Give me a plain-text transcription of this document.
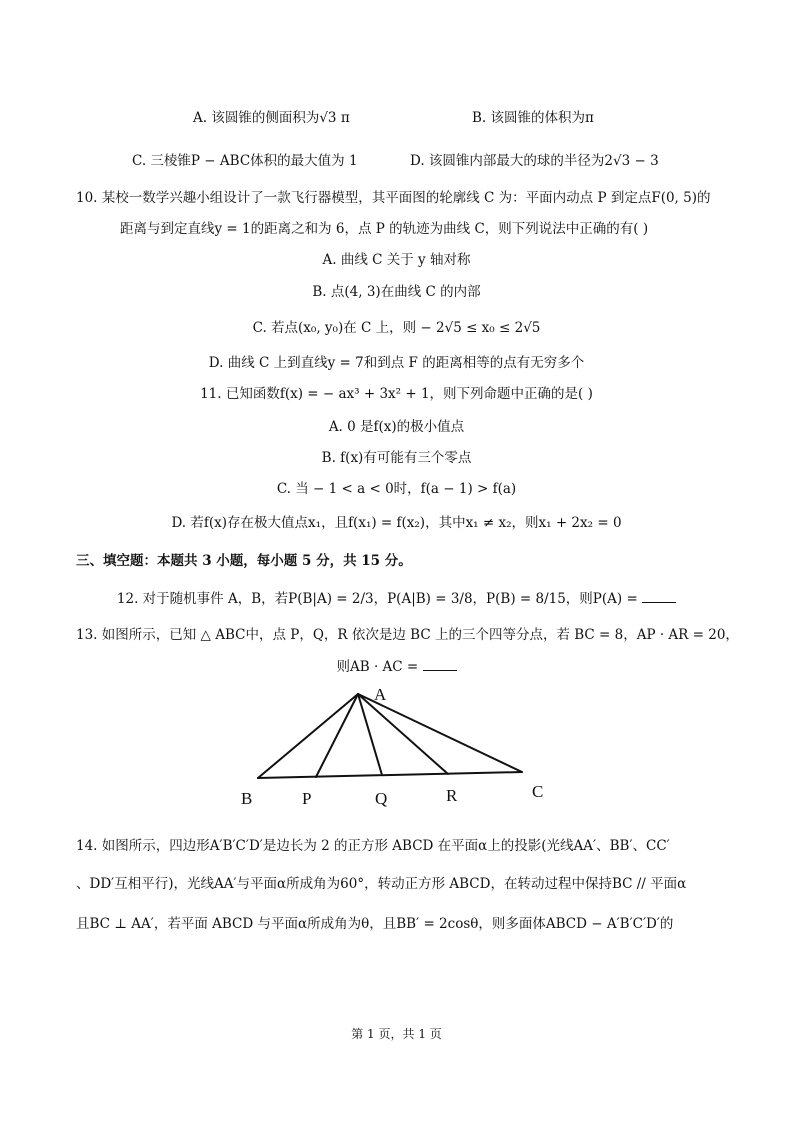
A. 该圆锥的侧面积为√3 π	B. 该圆锥的体积为π
C. 三棱锥P − ABC体积的最大值为 1	D. 该圆锥内部最大的球的半径为2√3 − 3
10. 某校一数学兴趣小组设计了一款飞行器模型，其平面图的轮廓线 C 为：平面内动点 P 到定点F(0, 5)的
距离与到定直线y = 1的距离之和为 6，点 P 的轨迹为曲线 C，则下列说法中正确的有( )
A. 曲线 C 关于 y 轴对称
B. 点(4, 3)在曲线 C 的内部
C. 若点(x₀, y₀)在 C 上，则 − 2√5 ≤ x₀ ≤ 2√5
D. 曲线 C 上到直线y = 7和到点 F 的距离相等的点有无穷多个
11. 已知函数f(x) = − ax³ + 3x² + 1，则下列命题中正确的是( )
A. 0 是f(x)的极小值点
B. f(x)有可能有三个零点
C. 当 − 1 < a < 0时，f(a − 1) > f(a)
D. 若f(x)存在极大值点x₁，且f(x₁) = f(x₂)，其中x₁ ≠ x₂，则x₁ + 2x₂ = 0
三、填空题：本题共 3 小题，每小题 5 分，共 15 分。
12. 对于随机事件 A，B，若P(B|A) = 2/3，P(A|B) = 3/8，P(B) = 8/15，则P(A) =
13. 如图所示，已知 △ ABC中，点 P，Q，R 依次是边 BC 上的三个四等分点，若 BC = 8，AP · AR = 20，
则AB · AC =
A
B	P	Q	R	C
14. 如图所示，四边形A′B′C′D′是边长为 2 的正方形 ABCD 在平面α上的投影(光线AA′、BB′、CC′
、DD′互相平行)，光线AA′与平面α所成角为60°，转动正方形 ABCD，在转动过程中保持BC // 平面α
且BC ⊥ AA′，若平面 ABCD 与平面α所成角为θ，且BB′ = 2cosθ，则多面体ABCD − A′B′C′D′的
第 1 页，共 1 页
